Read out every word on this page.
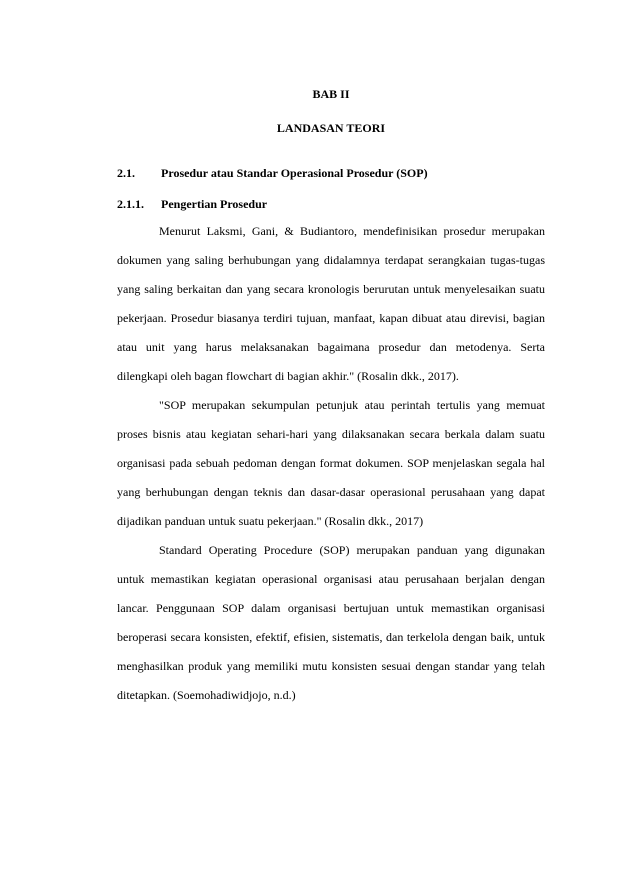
BAB II
LANDASAN TEORI
2.1. Prosedur atau Standar Operasional Prosedur (SOP)
2.1.1. Pengertian Prosedur

Menurut Laksmi, Gani, & Budiantoro, mendefinisikan prosedur merupakan dokumen yang saling berhubungan yang didalamnya terdapat serangkaian tugas-tugas yang saling berkaitan dan yang secara kronologis berurutan untuk menyelesaikan suatu pekerjaan. Prosedur biasanya terdiri tujuan, manfaat, kapan dibuat atau direvisi, bagian atau unit yang harus melaksanakan bagaimana prosedur dan metodenya. Serta dilengkapi oleh bagan flowchart di bagian akhir." (Rosalin dkk., 2017).

"SOP merupakan sekumpulan petunjuk atau perintah tertulis yang memuat proses bisnis atau kegiatan sehari-hari yang dilaksanakan secara berkala dalam suatu organisasi pada sebuah pedoman dengan format dokumen. SOP menjelaskan segala hal yang berhubungan dengan teknis dan dasar-dasar operasional perusahaan yang dapat dijadikan panduan untuk suatu pekerjaan." (Rosalin dkk., 2017)

Standard Operating Procedure (SOP) merupakan panduan yang digunakan untuk memastikan kegiatan operasional organisasi atau perusahaan berjalan dengan lancar. Penggunaan SOP dalam organisasi bertujuan untuk memastikan organisasi beroperasi secara konsisten, efektif, efisien, sistematis, dan terkelola dengan baik, untuk menghasilkan produk yang memiliki mutu konsisten sesuai dengan standar yang telah ditetapkan. (Soemohadiwidjojo, n.d.)
